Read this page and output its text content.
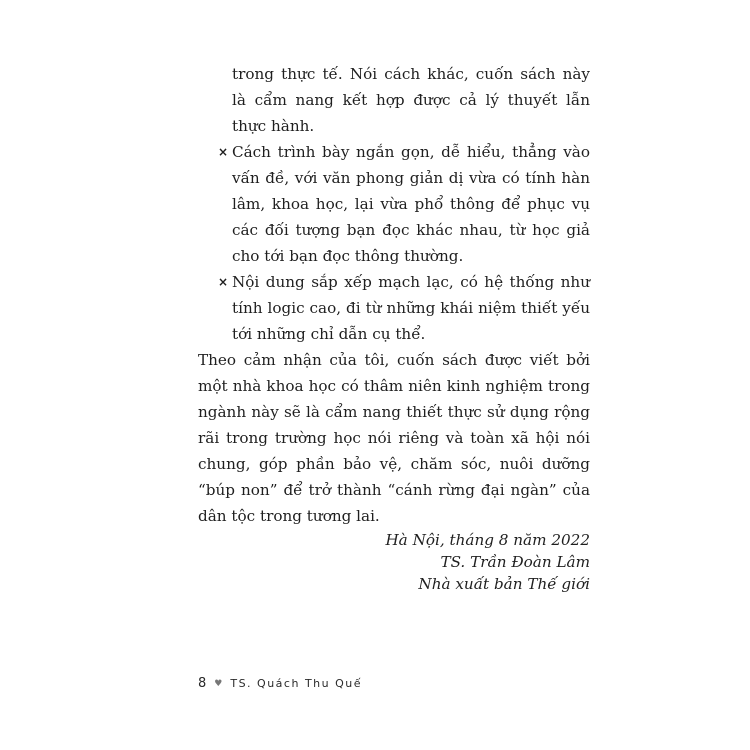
trong thực tế. Nói cách khác, cuốn sách này là cẩm nang kết hợp được cả lý thuyết lẫn thực hành.

× Cách trình bày ngắn gọn, dễ hiểu, thẳng vào vấn đề, với văn phong giản dị vừa có tính hàn lâm, khoa học, lại vừa phổ thông để phục vụ các đối tượng bạn đọc khác nhau, từ học giả cho tới bạn đọc thông thường.
× Nội dung sắp xếp mạch lạc, có hệ thống như tính logic cao, đi từ những khái niệm thiết yếu tới những chỉ dẫn cụ thể.

Theo cảm nhận của tôi, cuốn sách được viết bởi một nhà khoa học có thâm niên kinh nghiệm trong ngành này sẽ là cẩm nang thiết thực sử dụng rộng rãi trong trường học nói riêng và toàn xã hội nói chung, góp phần bảo vệ, chăm sóc, nuôi dưỡng “búp non” để trở thành “cánh rừng đại ngàn” của dân tộc trong tương lai.

Hà Nội, tháng 8 năm 2022
TS. Trần Đoàn Lâm
Nhà xuất bản Thế giới
8 ♥ TS. Quách Thu Quế
